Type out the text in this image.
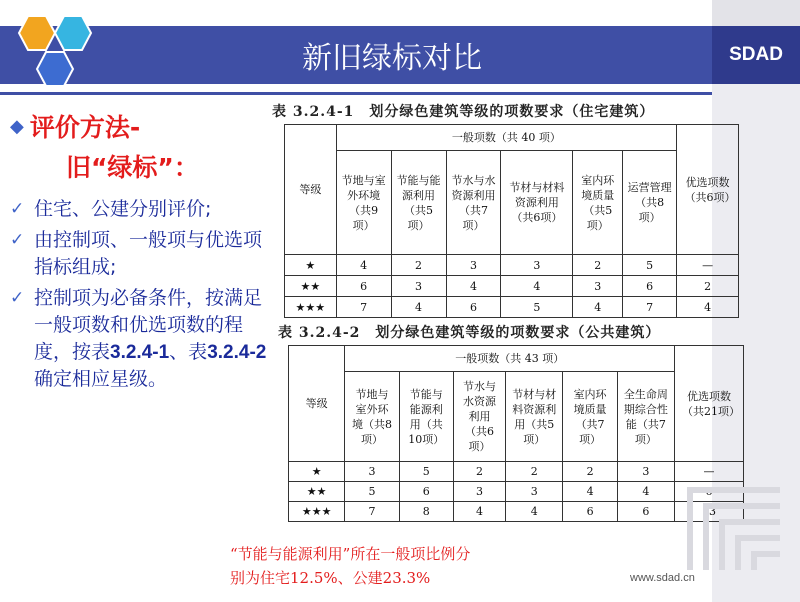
SDAD
新旧绿标对比
◆ 评价方法-
旧“绿标”：
✓ 住宅、公建分别评价;
✓ 由控制项、一般项与优选项指标组成;
✓ 控制项为必备条件，按满足一般项数和优选项数的程度，按表3.2.4-1、表3.2.4-2确定相应星级。
表 3.2.4-1　划分绿色建筑等级的项数要求（住宅建筑）
等级	一般项数（共 40 项）						优选项数（共6项）
	节地与室外环境（共9项）	节能与能源利用（共5项）	节水与水资源利用（共7项）	节材与材料资源利用（共6项）	室内环境质量（共5项）	运营管理（共8项）	
★	4	2	3	3	2	5	—
★★	6	3	4	4	3	6	2
★★★	7	4	6	5	4	7	4
表 3.2.4-2　划分绿色建筑等级的项数要求（公共建筑）
等级	一般项数（共 43 项）						优选项数（共21项）
	节地与室外环境（共8项）	节能与能源利用（共10项）	节水与水资源利用（共6项）	节材与材料资源利用（共5项）	室内环境质量（共7项）	全生命周期综合性能（共7项）	
★	3	5	2	2	2	3	—
★★	5	6	3	3	4	4	6
★★★	7	8	4	4	6	6	13
“节能与能源利用”所在一般项比例分
别为住宅12.5%、公建23.3%	www.sdad.cn
